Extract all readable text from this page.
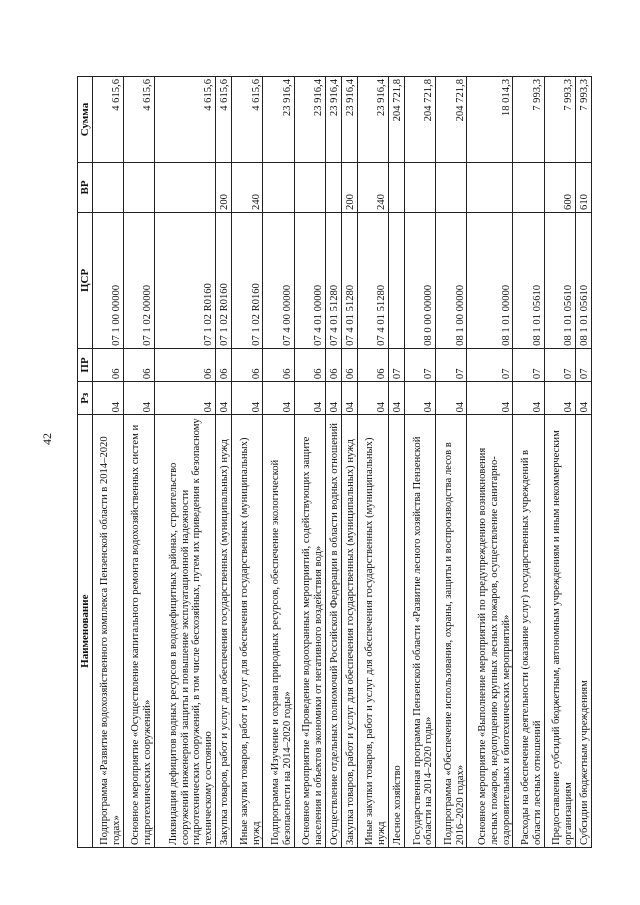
42
Наименование	Рз	ПР	ЦСР	ВР	Сумма
Подпрограмма «Развитие водохозяйственного комплекса Пензенской области в 2014–2020 годах»	04	06	07 1 00 00000		4 615,6
Основное мероприятие «Осуществление капитального ремонта водохозяйственных систем и гидротехнических сооружений»	04	06	07 1 02 00000		4 615,6
Ликвидация дефицитов водных ресурсов в вододефицитных районах, строительство сооружений инженерной защиты и повышение эксплуатационной надежности гидротехнических сооружений, в том числе бесхозяйных, путем их приведения к безопасному техническому состоянию	04	06	07 1 02 R0160		4 615,6
Закупка товаров, работ и услуг для обеспечения государственных (муниципальных) нужд	04	06	07 1 02 R0160	200	4 615,6
Иные закупки товаров, работ и услуг для обеспечения государственных (муниципальных) нужд	04	06	07 1 02 R0160	240	4 615,6
Подпрограмма «Изучение и охрана природных ресурсов, обеспечение экологической безопасности на 2014–2020 годы»	04	06	07 4 00 00000		23 916,4
Основное мероприятие «Проведение водоохранных мероприятий, содействующих защите населения и объектов экономики от негативного воздействия вод»	04	06	07 4 01 00000		23 916,4
Осуществление отдельных полномочий Российской Федерации в области водных отношений	04	06	07 4 01 51280		23 916,4
Закупка товаров, работ и услуг для обеспечения государственных (муниципальных) нужд	04	06	07 4 01 51280	200	23 916,4
Иные закупки товаров, работ и услуг для обеспечения государственных (муниципальных) нужд	04	06	07 4 01 51280	240	23 916,4
Лесное хозяйство	04	07			204 721,8
Государственная программа Пензенской области «Развитие лесного хозяйства Пензенской области на 2014–2020 годы»	04	07	08 0 00 00000		204 721,8
Подпрограмма «Обеспечение использования, охраны, защиты и воспроизводства лесов в 2016–2020 годах»	04	07	08 1 00 00000		204 721,8
Основное мероприятие «Выполнение мероприятий по предупреждению возникновения лесных пожаров, недопущению крупных лесных пожаров, осуществление санитарно-оздоровительных и биотехнических мероприятий»	04	07	08 1 01 00000		18 014,3
Расходы на обеспечение деятельности (оказание услуг) государственных учреждений в области лесных отношений	04	07	08 1 01 05610		7 993,3
Предоставление субсидий бюджетным, автономным учреждениям и иным некоммерческим организациям	04	07	08 1 01 05610	600	7 993,3
Субсидии бюджетным учреждениям	04	07	08 1 01 05610	610	7 993,3
